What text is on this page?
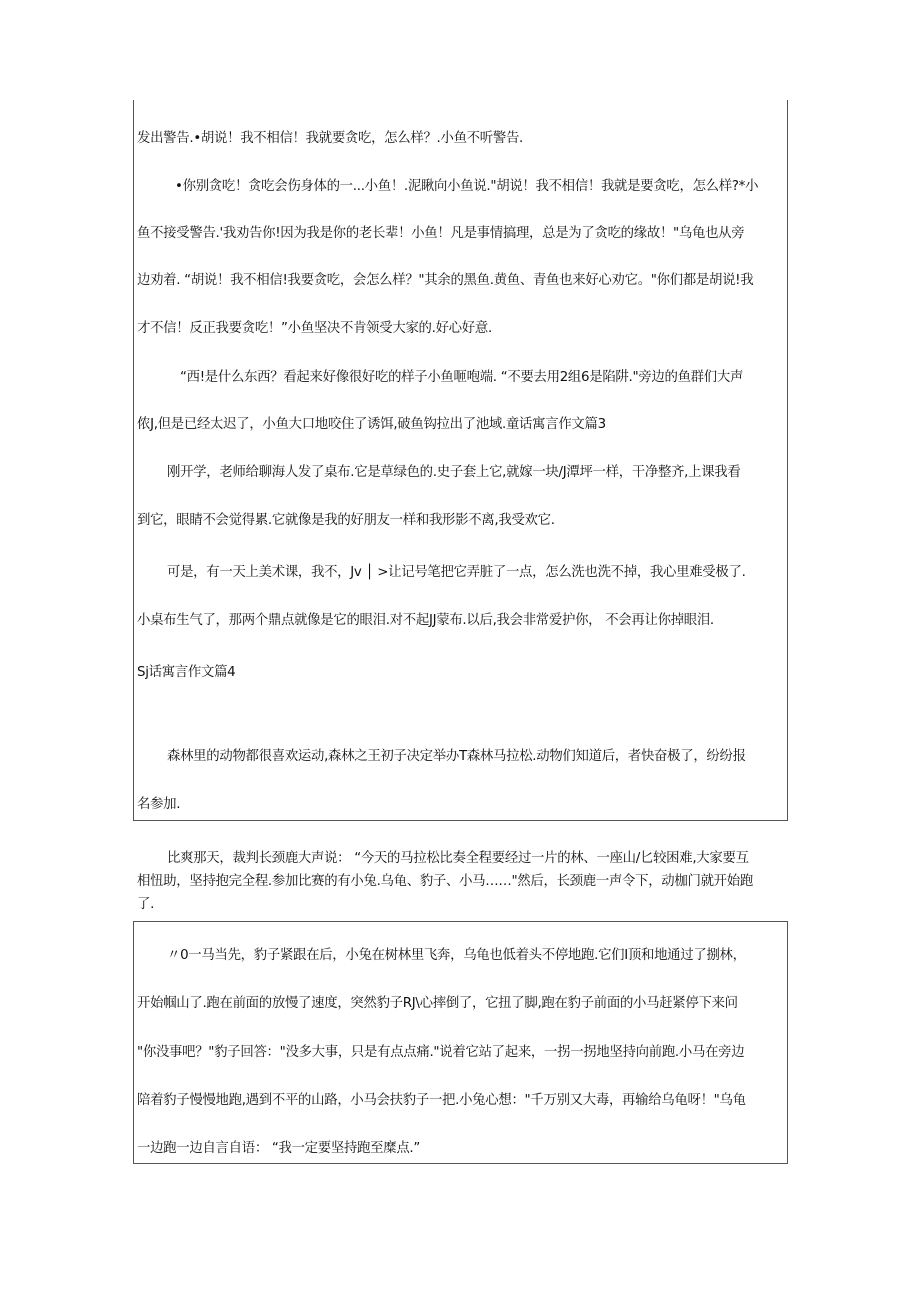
发出警告.•胡说！我不相信！我就要贪吃，怎么样？.小鱼不听警告.
•你别贪吃！贪吃会伤身体的一...小鱼！.泥瞅向小鱼说."胡说！我不相信！我就是要贪吃，怎么样?*小
鱼不接受警告.'我劝告你!因为我是你的老长辈！小鱼！凡是事情搞理，总是为了贪吃的缘故！"乌龟也从旁
边劝着. “胡说！我不相信!我要贪吃，会怎么样？"其余的黑鱼.黄鱼、青鱼也来好心劝它。"你们都是胡说!我
才不信！反正我要贪吃！”小鱼坚决不肯领受大家的.好心好意.
“西!是什么东西？看起来好像很好吃的样子小鱼咂咆端. “不要去用2组6是陷阱."旁边的鱼群们大声
侬J,但是已经太迟了，小鱼大口地咬住了诱饵,破鱼钩拉出了池域.童话寓言作文篇3
刚开学，老师给聊海人发了桌布.它是草绿色的.史子套上它,就嫁一块/J潭坪一样，干净整齐,上课我看
到它，眼睛不会觉得累.它就像是我的好朋友一样和我形影不离,我受欢它.
可是，有一天上美术课，我不，Jv │ >让记号笔把它弄脏了一点，怎么洗也洗不掉，我心里难受极了.
小桌布生气了，那两个鼎点就像是它的眼泪.对不起JJ蒙布.以后,我会非常爱护你， 不会再让你掉眼泪.
Sj话寓言作文篇4
森林里的动物都很喜欢运动,森林之王初子决定举办T森林马拉松.动物们知道后，者快奋极了，纷纷报
名参加.
比爽那天，裁判长颈鹿大声说： “今天的马拉松比奏全程要经过一片的林、一座山/匕较困难,大家要互
相忸助，坚持抱完全程.参加比赛的有小兔.乌龟、豹子、小马……"然后，长颈鹿一声令下，动枷门就开始跑
了.
〃0一马当先，豹子紧跟在后，小兔在树林里飞奔，乌龟也低着头不停地跑.它们I顶和地通过了捌林，
开始帼山了.跑在前面的放慢了速度，突然豹子RJ\心摔倒了，它扭了脚,跑在豹子前面的小马赶紧停下来问
"你没事吧？"豹子回答："没多大事，只是有点点痛."说着它站了起来，一拐一拐地坚持向前跑.小马在旁边
陪着豹子慢慢地跑,遇到不平的山路，小马会扶豹子一把.小兔心想："千万别又大毒，再输给乌龟呀！"乌龟
一边跑一边自言自语： “我一定要坚持跑至糜点.”
